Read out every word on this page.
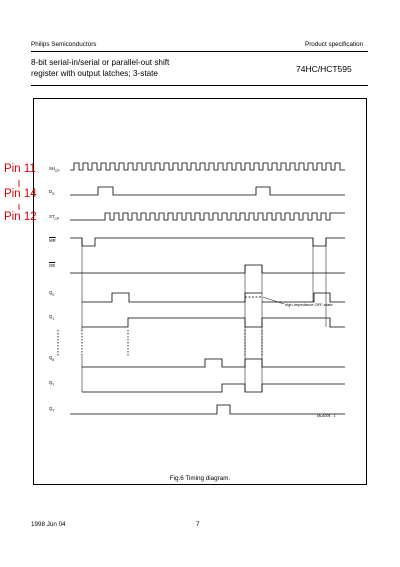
Philips Semiconductors	Product specification
8-bit serial-in/serial or parallel-out shift
register with output latches; 3-state	74HC/HCT595
Pin 11
Pin 14
Pin 12
$SH_{CP}$
$D_S$
$ST_{CP}$
$\overline{MR}$
$\overline{OE}$
$Q_0$
$Q_1$
$Q_6$
$Q_7$
$Q_{7'}$
high-impedance OFF-state
MLA005 - 1
Fig.6 Timing diagram.
1998 Jun 04	7
